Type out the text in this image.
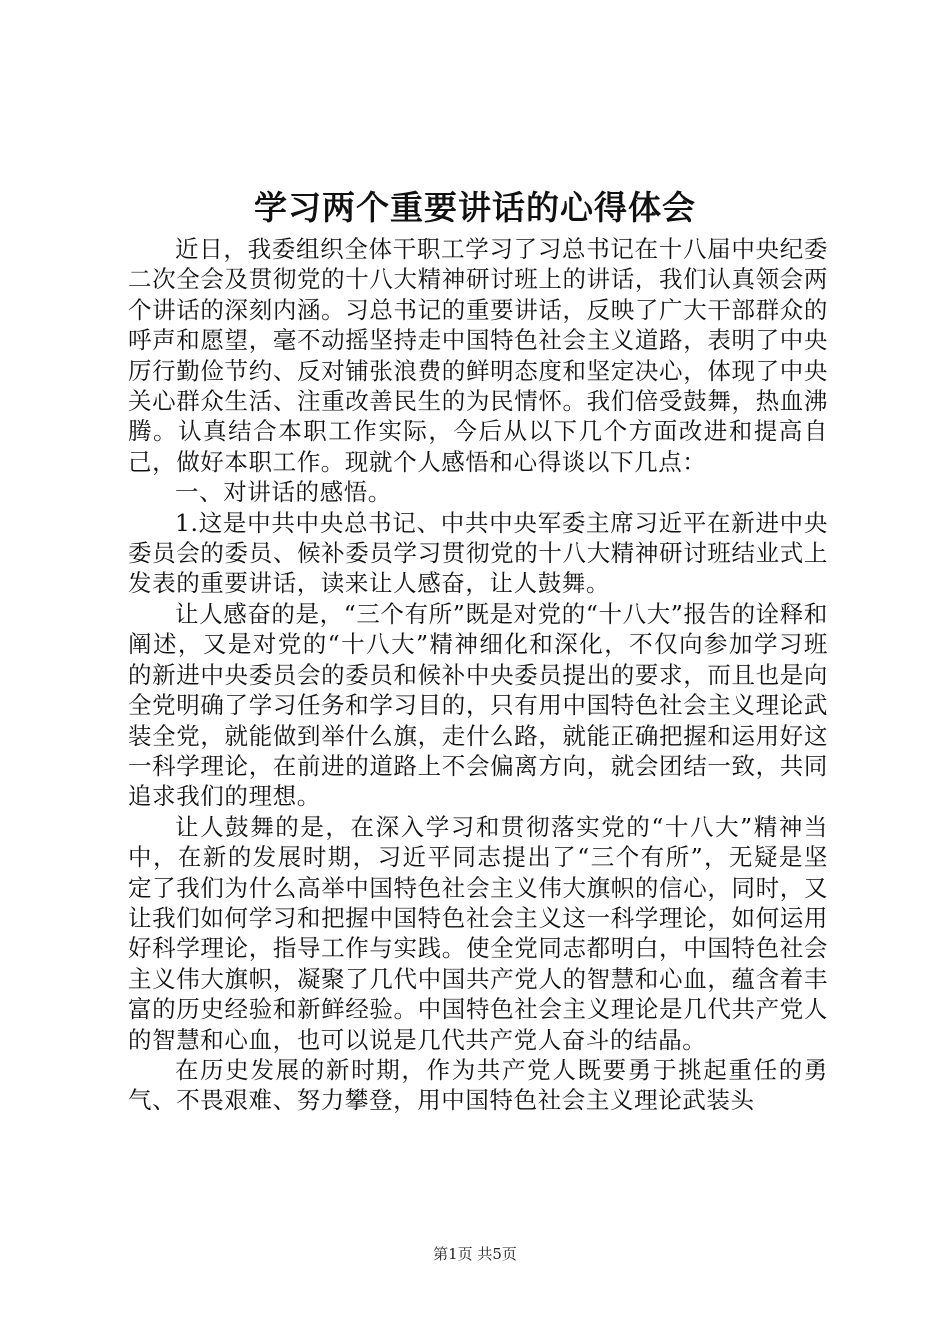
学习两个重要讲话的心得体会

近日，我委组织全体干职工学习了习总书记在十八届中央纪委二次全会及贯彻党的十八大精神研讨班上的讲话，我们认真领会两个讲话的深刻内涵。习总书记的重要讲话，反映了广大干部群众的呼声和愿望，毫不动摇坚持走中国特色社会主义道路，表明了中央厉行勤俭节约、反对铺张浪费的鲜明态度和坚定决心，体现了中央关心群众生活、注重改善民生的为民情怀。我们倍受鼓舞，热血沸腾。认真结合本职工作实际，今后从以下几个方面改进和提高自己，做好本职工作。现就个人感悟和心得谈以下几点：

一、对讲话的感悟。

1.这是中共中央总书记、中共中央军委主席习近平在新进中央委员会的委员、候补委员学习贯彻党的十八大精神研讨班结业式上发表的重要讲话，读来让人感奋，让人鼓舞。

让人感奋的是，“三个有所”既是对党的“十八大”报告的诠释和阐述，又是对党的“十八大”精神细化和深化，不仅向参加学习班的新进中央委员会的委员和候补中央委员提出的要求，而且也是向全党明确了学习任务和学习目的，只有用中国特色社会主义理论武装全党，就能做到举什么旗，走什么路，就能正确把握和运用好这一科学理论，在前进的道路上不会偏离方向，就会团结一致，共同追求我们的理想。

让人鼓舞的是，在深入学习和贯彻落实党的“十八大”精神当中，在新的发展时期，习近平同志提出了“三个有所”，无疑是坚定了我们为什么高举中国特色社会主义伟大旗帜的信心，同时，又让我们如何学习和把握中国特色社会主义这一科学理论，如何运用好科学理论，指导工作与实践。使全党同志都明白，中国特色社会主义伟大旗帜，凝聚了几代中国共产党人的智慧和心血，蕴含着丰富的历史经验和新鲜经验。中国特色社会主义理论是几代共产党人的智慧和心血，也可以说是几代共产党人奋斗的结晶。

在历史发展的新时期，作为共产党人既要勇于挑起重任的勇气、不畏艰难、努力攀登，用中国特色社会主义理论武装头

第1页 共5页
